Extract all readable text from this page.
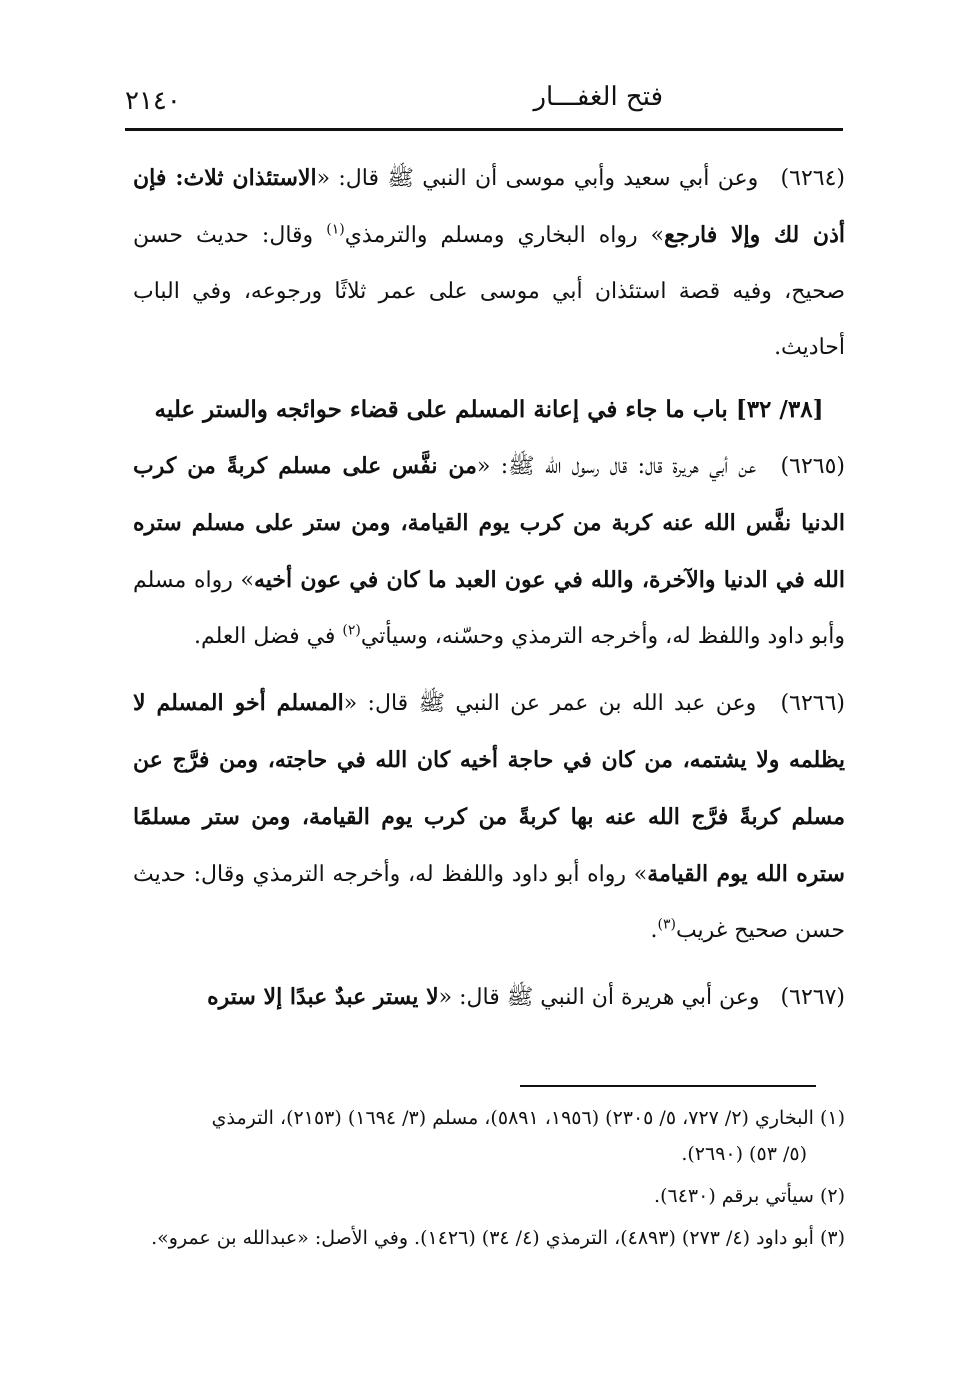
٢١٤٠	فتح الغفـــار

(٦٢٦٤) وعن أبي سعيد وأبي موسى أن النبي ﷺ قال: «الاستئذان ثلاث: فإن أذن لك وإلا فارجع» رواه البخاري ومسلم والترمذي$^{(١)}$ وقال: حديث حسن صحيح، وفيه قصة استئذان أبي موسى على عمر ثلاثًا ورجوعه، وفي الباب أحاديث.

[٣٨/ ٣٢] باب ما جاء في إعانة المسلم على قضاء حوائجه والستر عليه

(٦٢٦٥) عن أبي هريرة قال: قال رسول الله ﷺ: «من نفَّس على مسلم كربةً من كرب الدنيا نفَّس الله عنه كربة من كرب يوم القيامة، ومن ستر على مسلم ستره الله في الدنيا والآخرة، والله في عون العبد ما كان في عون أخيه» رواه مسلم وأبو داود واللفظ له، وأخرجه الترمذي وحسّنه، وسيأتي$^{(٢)}$ في فضل العلم.

(٦٢٦٦) وعن عبد الله بن عمر عن النبي ﷺ قال: «المسلم أخو المسلم لا يظلمه ولا يشتمه، من كان في حاجة أخيه كان الله في حاجته، ومن فرَّج عن مسلم كربةً فرَّج الله عنه بها كربةً من كرب يوم القيامة، ومن ستر مسلمًا ستره الله يوم القيامة» رواه أبو داود واللفظ له، وأخرجه الترمذي وقال: حديث حسن صحيح غريب$^{(٣)}$.

(٦٢٦٧) وعن أبي هريرة أن النبي ﷺ قال: «لا يستر عبدٌ عبدًا إلا ستره

(١) البخاري (٢/ ٧٢٧، ٥/ ٢٣٠٥) (١٩٥٦، ٥٨٩١)، مسلم (٣/ ١٦٩٤) (٢١٥٣)، الترمذي
(٥/ ٥٣) (٢٦٩٠).

(٢) سيأتي برقم (٦٤٣٠).

(٣) أبو داود (٤/ ٢٧٣) (٤٨٩٣)، الترمذي (٤/ ٣٤) (١٤٢٦). وفي الأصل: «عبدالله بن عمرو».
